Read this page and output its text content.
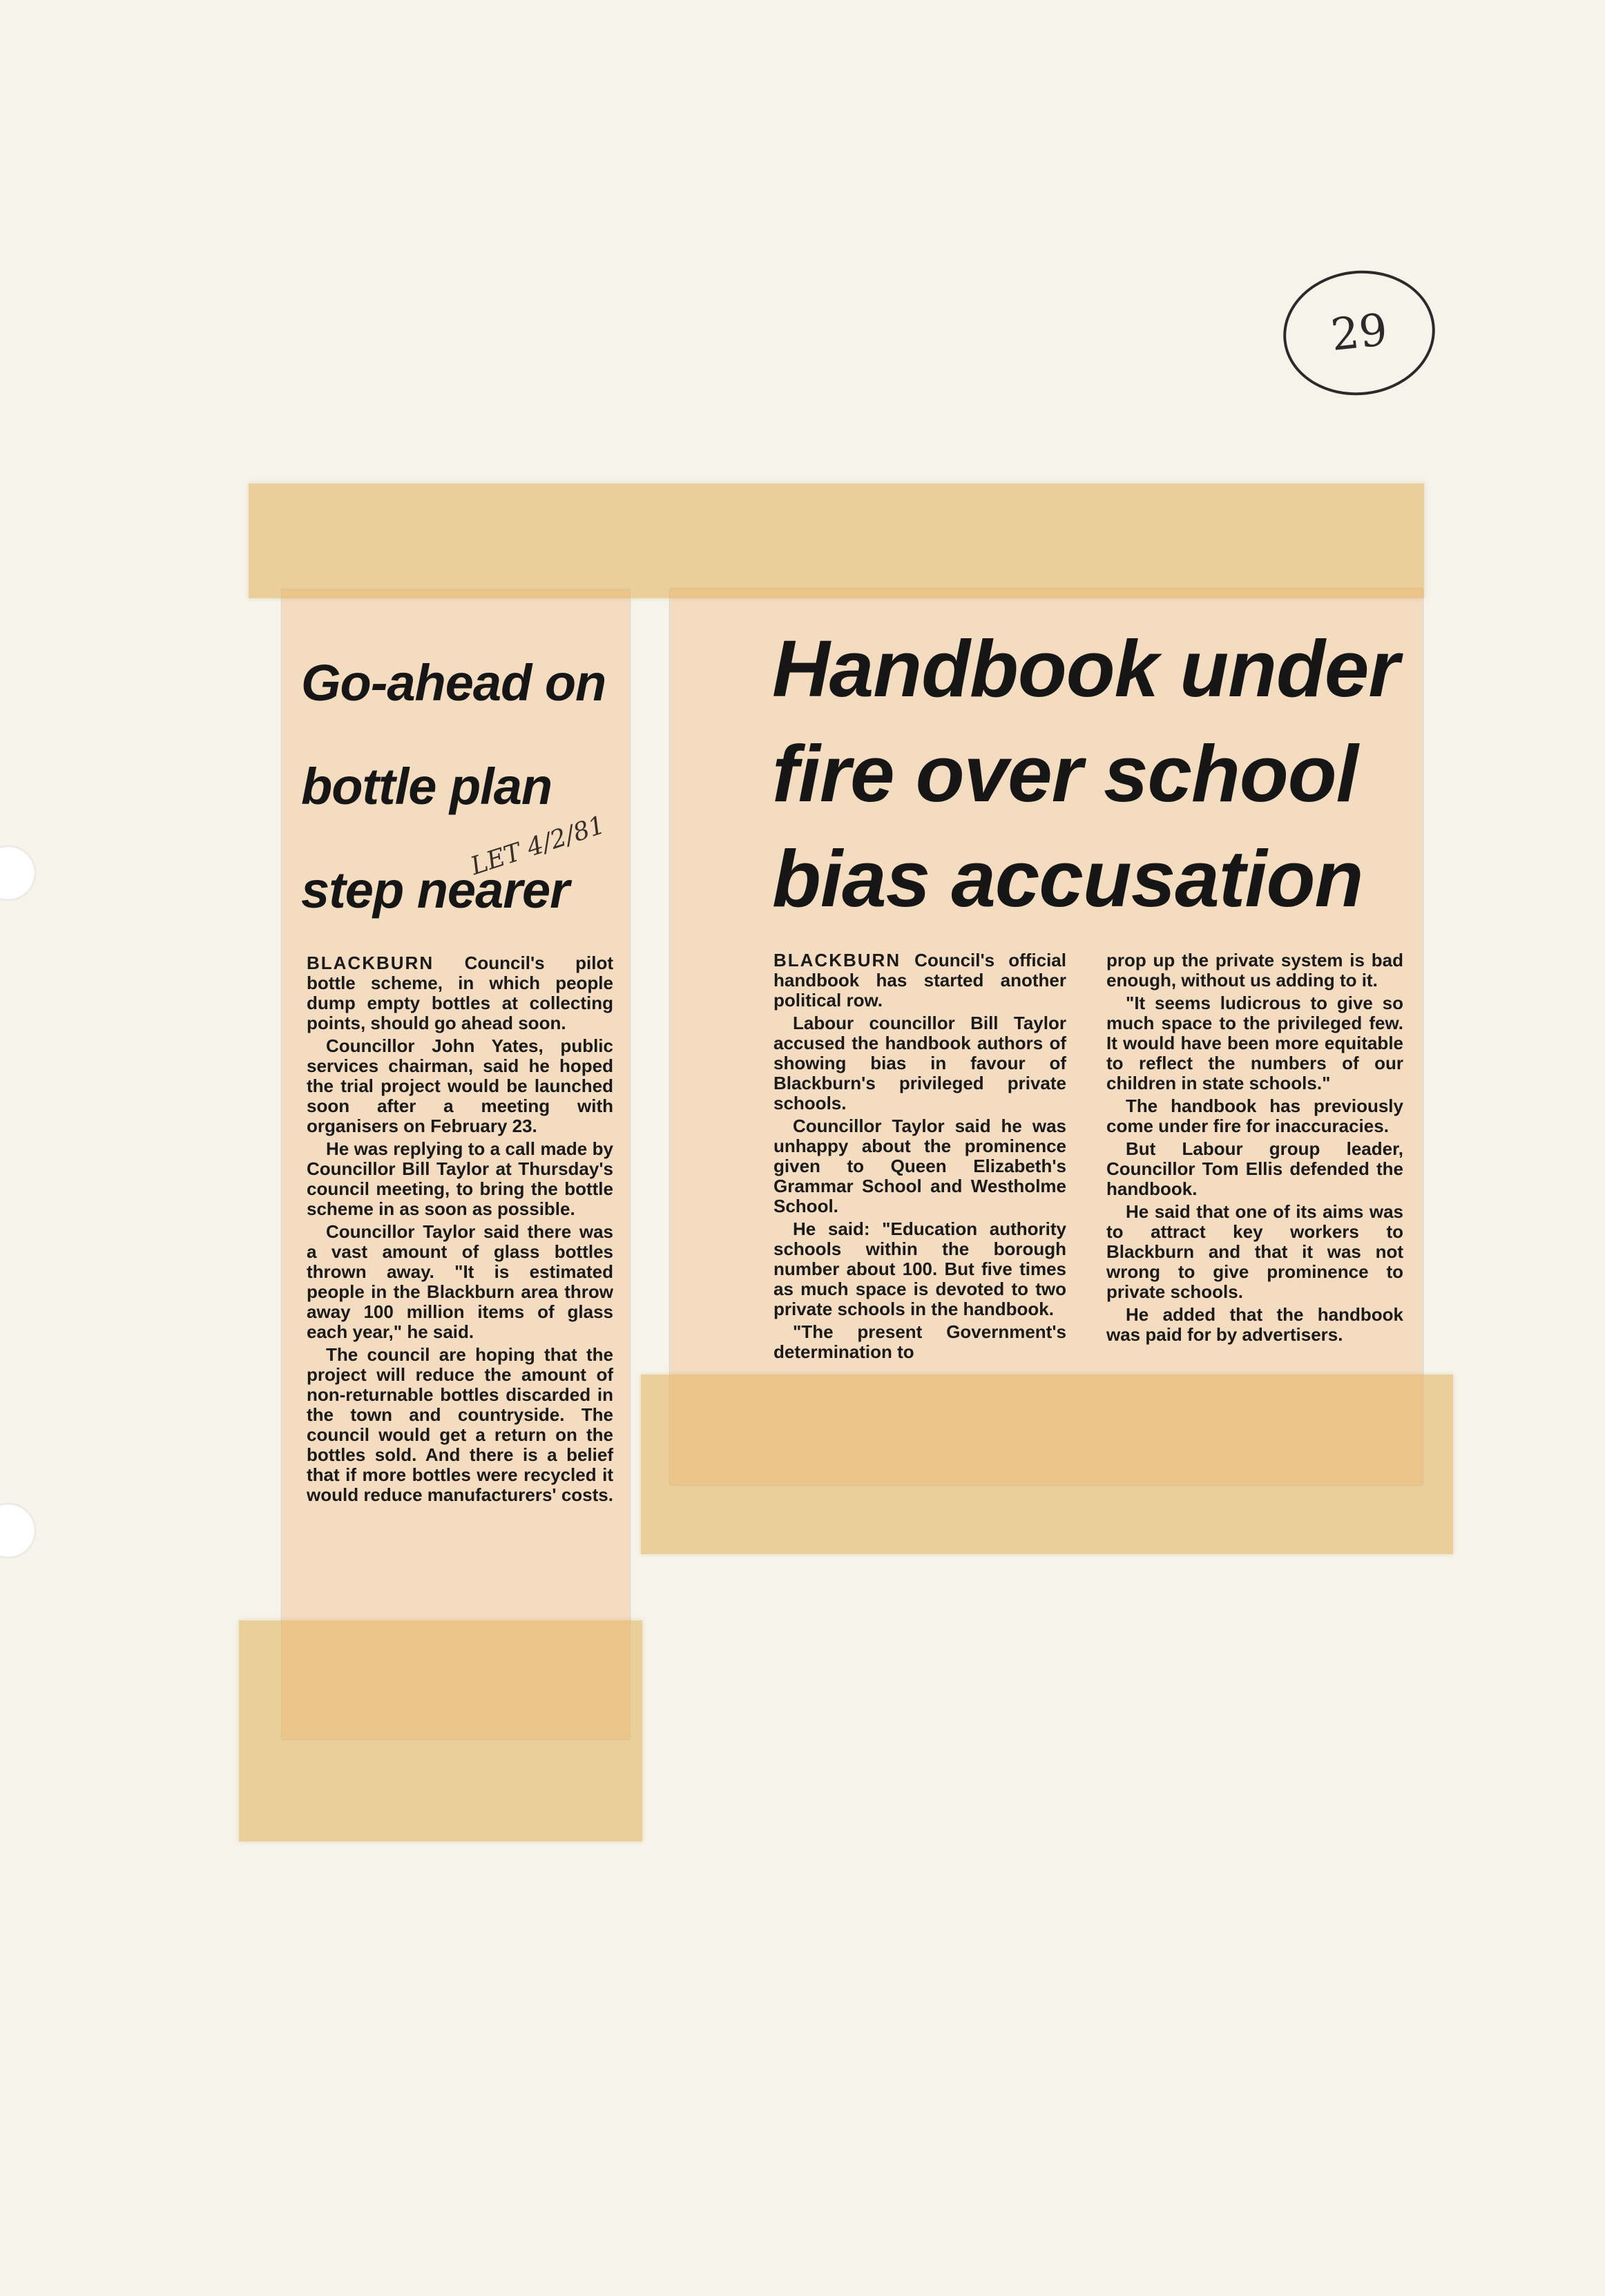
29
Go-ahead on
bottle plan
step nearer
LET 4/2/81

BLACKBURN Council's pilot bottle scheme, in which people dump empty bottles at collecting points, should go ahead soon.

Councillor John Yates, public services chairman, said he hoped the trial project would be launched soon after a meeting with organisers on February 23.

He was replying to a call made by Councillor Bill Taylor at Thursday's council meeting, to bring the bottle scheme in as soon as possible.

Councillor Taylor said there was a vast amount of glass bottles thrown away. "It is estimated people in the Blackburn area throw away 100 million items of glass each year," he said.

The council are hoping that the project will reduce the amount of non-returnable bottles discarded in the town and countryside. The council would get a return on the bottles sold. And there is a belief that if more bottles were recycled it would reduce manufacturers' costs.

Handbook under
fire over school
bias accusation

BLACKBURN Council's official handbook has started another political row.

Labour councillor Bill Taylor accused the handbook authors of showing bias in favour of Blackburn's privileged private schools.

Councillor Taylor said he was unhappy about the prominence given to Queen Elizabeth's Grammar School and Westholme School.

He said: "Education authority schools within the borough number about 100. But five times as much space is devoted to two private schools in the handbook.

"The present Government's determination to

prop up the private system is bad enough, without us adding to it.

"It seems ludicrous to give so much space to the privileged few. It would have been more equitable to reflect the numbers of our children in state schools."

The handbook has previously come under fire for inaccuracies.

But Labour group leader, Councillor Tom Ellis defended the handbook.

He said that one of its aims was to attract key workers to Blackburn and that it was not wrong to give prominence to private schools.

He added that the handbook was paid for by advertisers.
